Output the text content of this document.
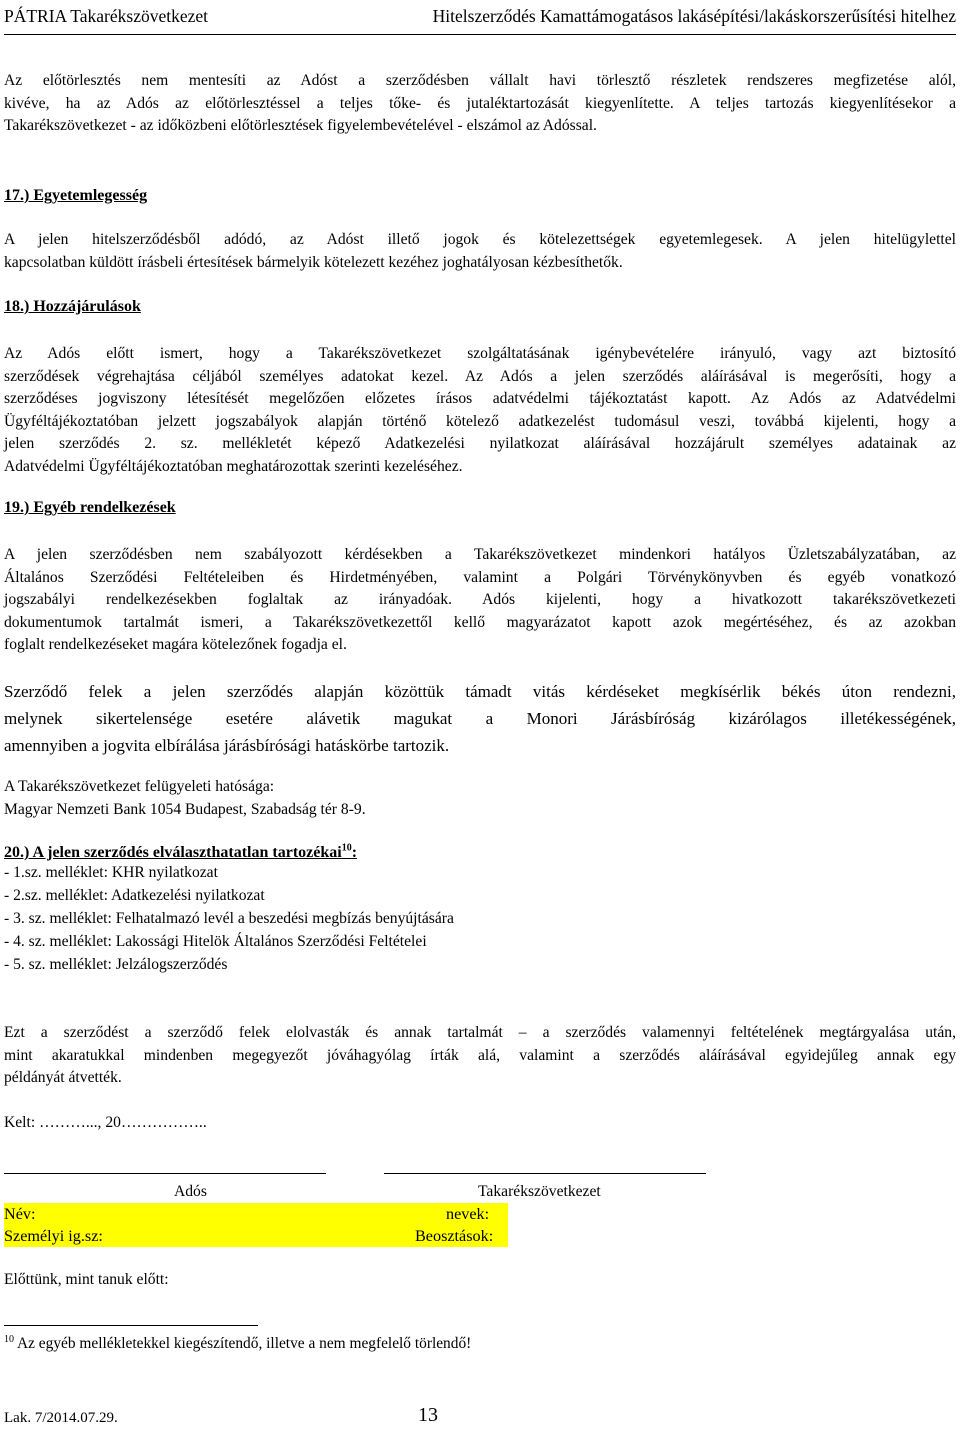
PÁTRIA Takarékszövetkezet	Hitelszerződés Kamattámogatásos lakásépítési/lakáskorszerűsítési hitelhez
Az előtörlesztés nem mentesíti az Adóst a szerződésben vállalt havi törlesztő részletek rendszeres megfizetése alól,
kivéve, ha az Adós az előtörlesztéssel a teljes tőke- és jutaléktartozását kiegyenlítette. A teljes tartozás kiegyenlítésekor a
Takarékszövetkezet - az időközbeni előtörlesztések figyelembevételével - elszámol az Adóssal.
17.) Egyetemlegesség
A jelen hitelszerződésből adódó, az Adóst illető jogok és kötelezettségek egyetemlegesek. A jelen hitelügylettel
kapcsolatban küldött írásbeli értesítések bármelyik kötelezett kezéhez joghatályosan kézbesíthetők.
18.) Hozzájárulások
Az Adós előtt ismert, hogy a Takarékszövetkezet szolgáltatásának igénybevételére irányuló, vagy azt biztosító
szerződések végrehajtása céljából személyes adatokat kezel. Az Adós a jelen szerződés aláírásával is megerősíti, hogy a
szerződéses jogviszony létesítését megelőzően előzetes írásos adatvédelmi tájékoztatást kapott. Az Adós az Adatvédelmi
Ügyféltájékoztatóban jelzett jogszabályok alapján történő kötelező adatkezelést tudomásul veszi, továbbá kijelenti, hogy a
jelen szerződés 2. sz. mellékletét képező Adatkezelési nyilatkozat aláírásával hozzájárult személyes adatainak az
Adatvédelmi Ügyféltájékoztatóban meghatározottak szerinti kezeléséhez.
19.) Egyéb rendelkezések
A jelen szerződésben nem szabályozott kérdésekben a Takarékszövetkezet mindenkori hatályos Üzletszabályzatában, az
Általános Szerződési Feltételeiben és Hirdetményében, valamint a Polgári Törvénykönyvben és egyéb vonatkozó
jogszabályi rendelkezésekben foglaltak az irányadóak. Adós kijelenti, hogy a hivatkozott takarékszövetkezeti
dokumentumok tartalmát ismeri, a Takarékszövetkezettől kellő magyarázatot kapott azok megértéséhez, és az azokban
foglalt rendelkezéseket magára kötelezőnek fogadja el.
Szerződő felek a jelen szerződés alapján közöttük támadt vitás kérdéseket megkísérlik békés úton rendezni,
melynek sikertelensége esetére alávetik magukat a Monori Járásbíróság kizárólagos illetékességének,
amennyiben a jogvita elbírálása járásbírósági hatáskörbe tartozik.
A Takarékszövetkezet felügyeleti hatósága:
Magyar Nemzeti Bank 1054 Budapest, Szabadság tér 8-9.
20.) A jelen szerződés elválaszthatatlan tartozékai$^{10}$:
- 1.sz. melléklet: KHR nyilatkozat
- 2.sz. melléklet: Adatkezelési nyilatkozat
- 3. sz. melléklet: Felhatalmazó levél a beszedési megbízás benyújtására
- 4. sz. melléklet: Lakossági Hitelök Általános Szerződési Feltételei
- 5. sz. melléklet: Jelzálogszerződés
Ezt a szerződést a szerződő felek elolvasták és annak tartalmát – a szerződés valamennyi feltételének megtárgyalása után,
mint akaratukkal mindenben megegyezőt jóváhagyólag írták alá, valamint a szerződés aláírásával egyidejűleg annak egy
példányát átvették.
Kelt: ………..., 20……………..
Adós	Takarékszövetkezet
Név:	nevek:
Személyi ig.sz:	Beosztások:
Előttünk, mint tanuk előtt:
$^{10}$ Az egyéb mellékletekkel kiegészítendő, illetve a nem megfelelő törlendő!
Lak. 7/2014.07.29.	13
